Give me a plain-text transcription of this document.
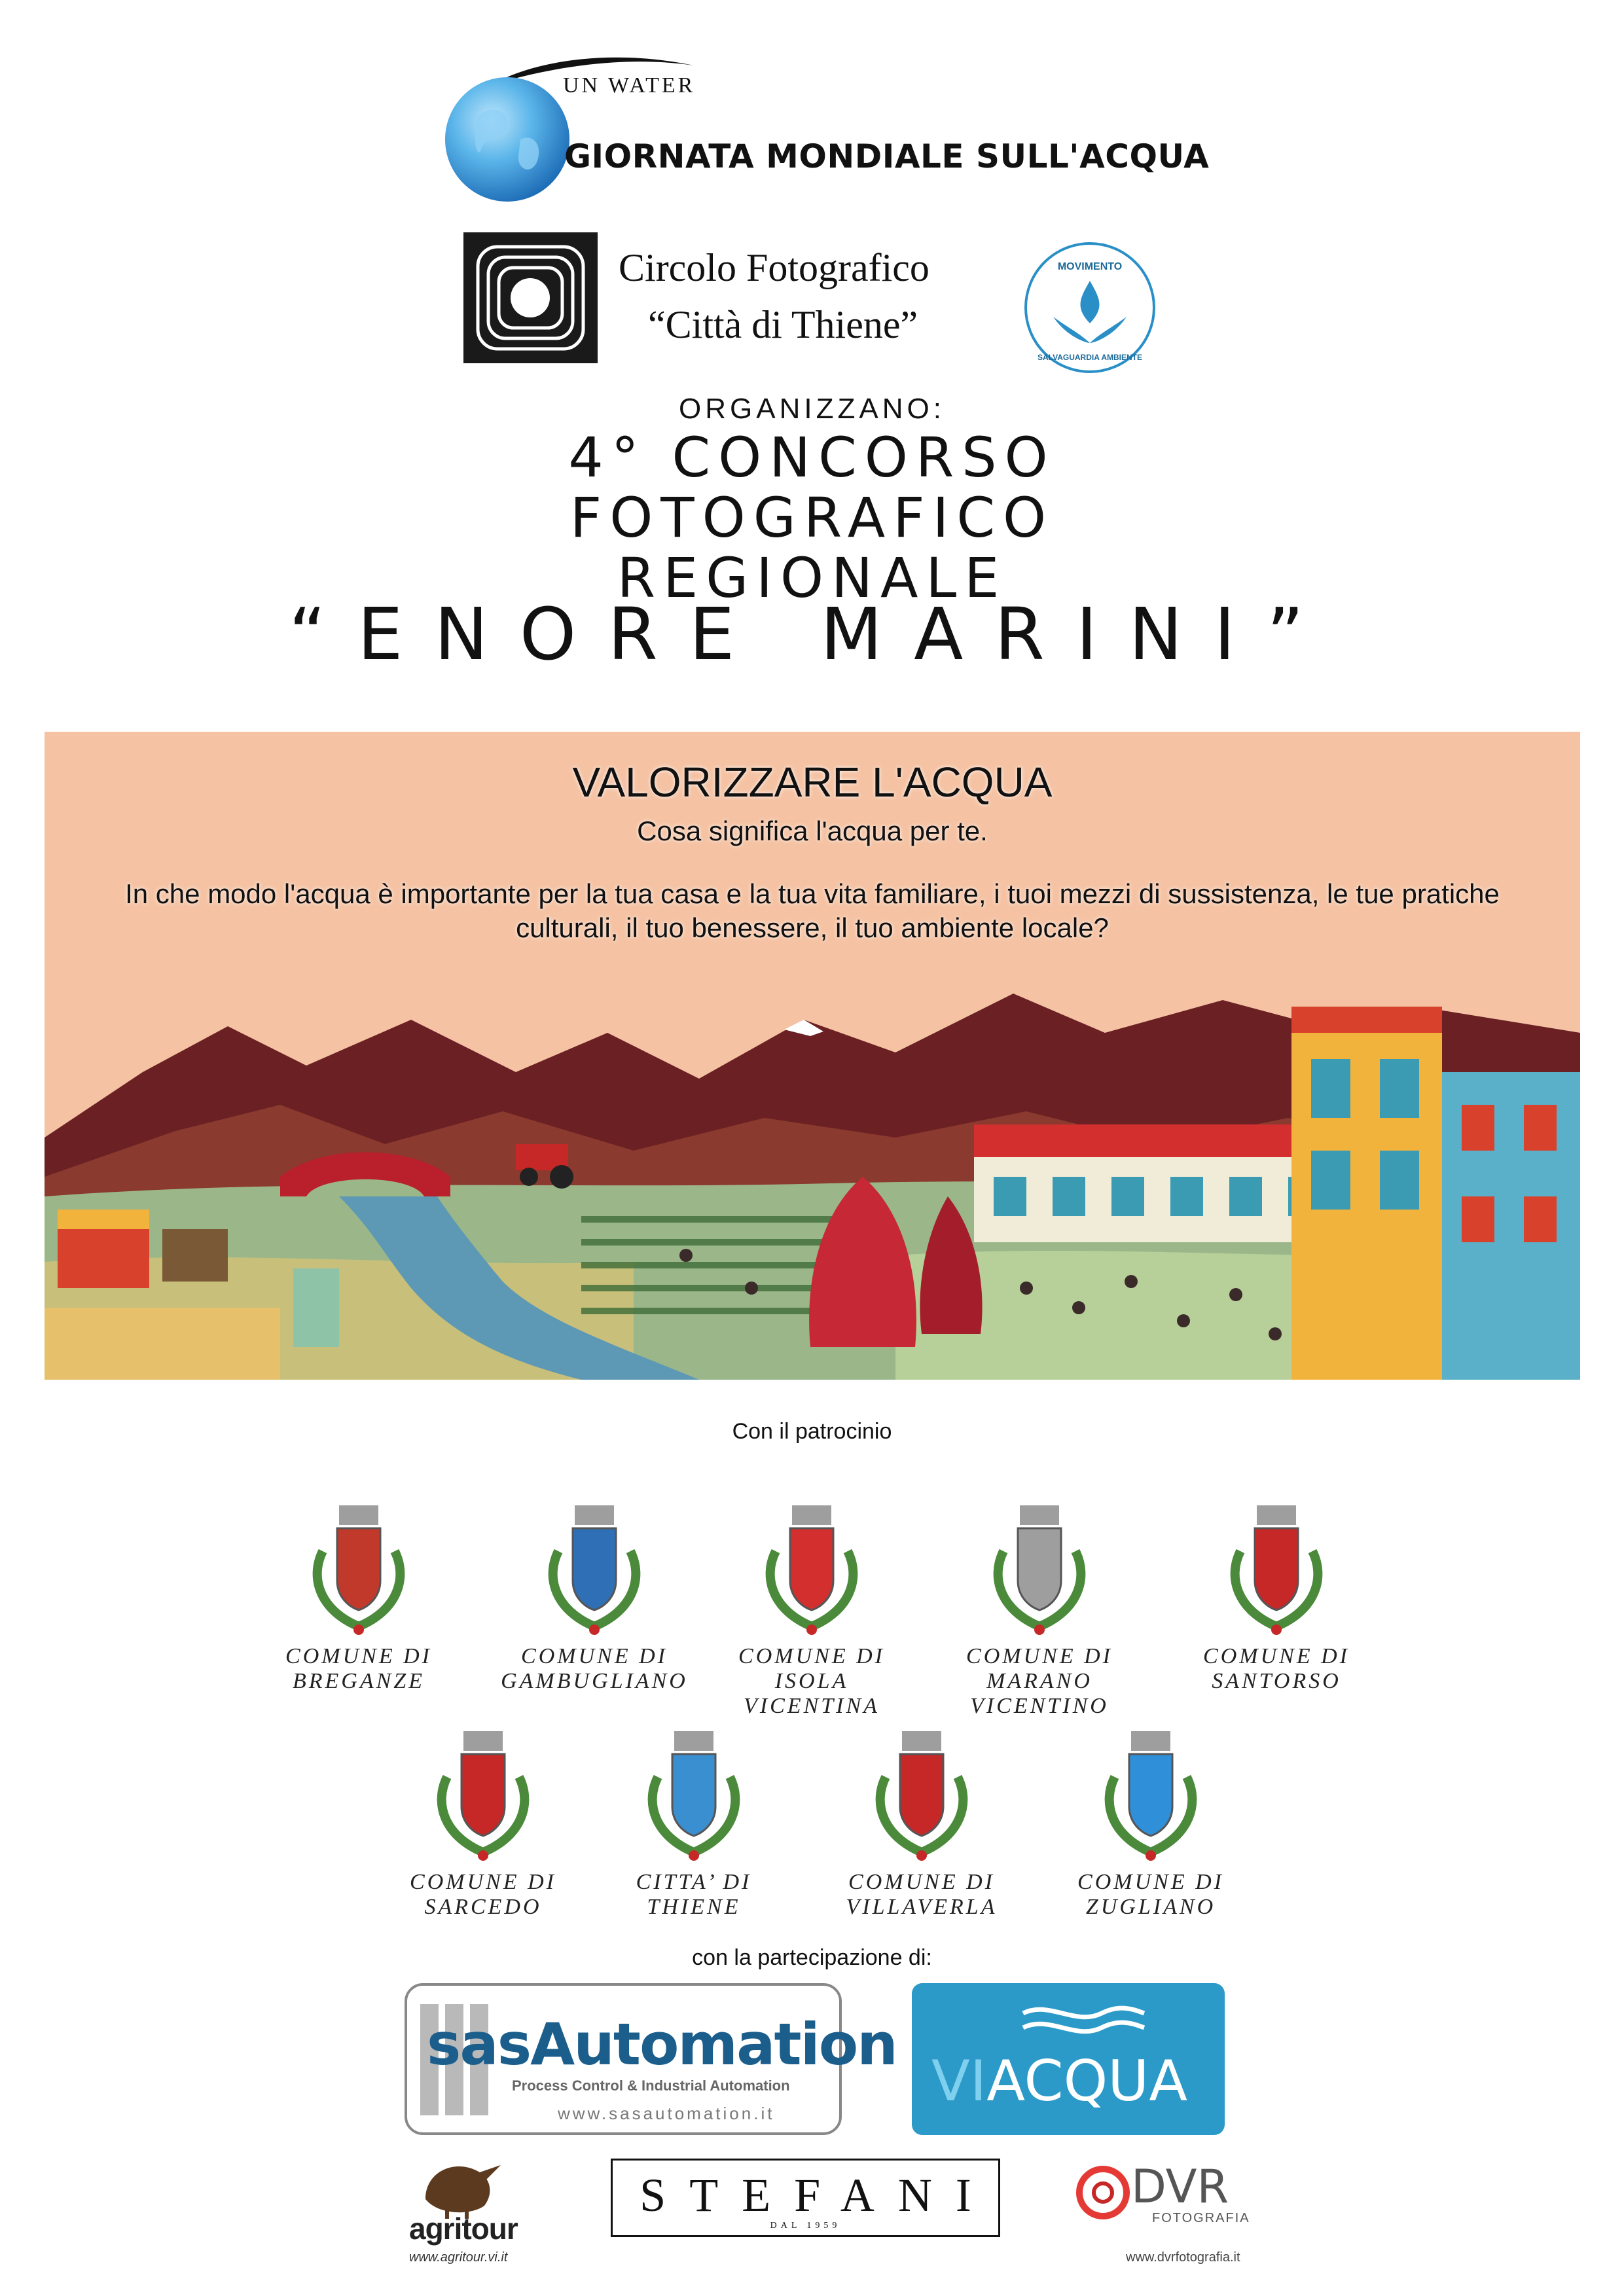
UN WATER
GIORNATA MONDIALE SULL'ACQUA
Circolo Fotografico
“Città di Thiene”
MOVIMENTO
SALVAGUARDIA AMBIENTE
ORGANIZZANO:
4° CONCORSO
FOTOGRAFICO
REGIONALE
“ENORE MARINI”
VALORIZZARE L'ACQUA
Cosa significa l'acqua per te.
In che modo l'acqua è importante per la tua casa e la tua vita familiare, i tuoi mezzi di sussistenza, le tue pratiche culturali, il tuo benessere, il tuo ambiente locale?
Con il patrocinio
COMUNE DI
BREGANZE
COMUNE DI
GAMBUGLIANO
COMUNE DI
ISOLA
VICENTINA
COMUNE DI
MARANO
VICENTINO
COMUNE DI
SANTORSO
COMUNE DI
SARCEDO
CITTA’ DI
THIENE
COMUNE DI
VILLAVERLA
COMUNE DI
ZUGLIANO
con la partecipazione di:
sasAutomation
Process Control & Industrial Automation
www.sasautomation.it	VIACQUA
agritour
www.agritour.vi.it
STEFANI
DAL 1959
DVR
FOTOGRAFIA
www.dvrfotografia.it
